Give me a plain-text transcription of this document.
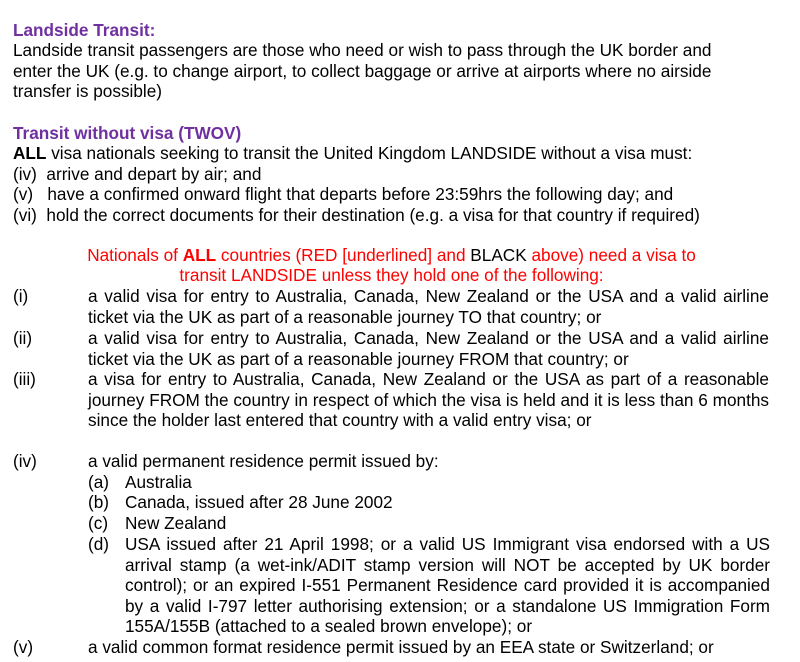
Landside Transit:
Landside transit passengers are those who need or wish to pass through the UK border and
enter the UK (e.g. to change airport, to collect baggage or arrive at airports where no airside
transfer is possible)
Transit without visa (TWOV)
ALL visa nationals seeking to transit the United Kingdom LANDSIDE without a visa must:
(iv)  arrive and depart by air; and
(v)   have a confirmed onward flight that departs before 23:59hrs the following day; and
(vi)  hold the correct documents for their destination (e.g. a visa for that country if required)
Nationals of ALL countries (RED [underlined] and BLACK above) need a visa to
transit LANDSIDE unless they hold one of the following:
(i)	a valid visa for entry to Australia, Canada, New Zealand or the USA and a valid airline ticket via the UK as part of a reasonable journey TO that country; or
(ii)	a valid visa for entry to Australia, Canada, New Zealand or the USA and a valid airline ticket via the UK as part of a reasonable journey FROM that country; or
(iii)	a visa for entry to Australia, Canada, New Zealand or the USA as part of a reasonable journey FROM the country in respect of which the visa is held and it is less than 6 months since the holder last entered that country with a valid entry visa; or
(iv)	a valid permanent residence permit issued by:
(a) Australia
(b) Canada, issued after 28 June 2002
(c) New Zealand
(d) USA issued after 21 April 1998; or a valid US Immigrant visa endorsed with a US arrival stamp (a wet-ink/ADIT stamp version will NOT be accepted by UK border control); or an expired I-551 Permanent Residence card provided it is accompanied by a valid I-797 letter authorising extension; or a standalone US Immigration Form 155A/155B (attached to a sealed brown envelope); or
(v)	a valid common format residence permit issued by an EEA state or Switzerland; or
